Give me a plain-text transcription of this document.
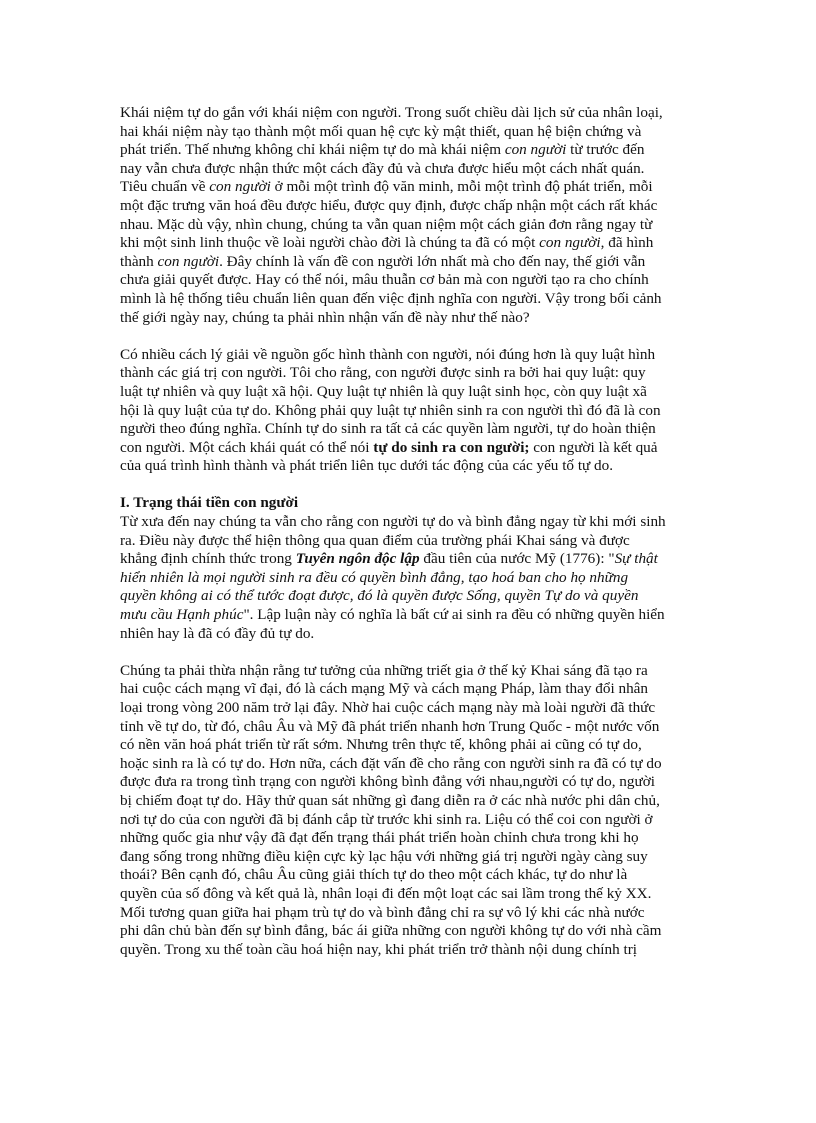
Khái niệm tự do gắn với khái niệm con người. Trong suốt chiều dài lịch sử của nhân loại,
hai khái niệm này tạo thành một mối quan hệ cực kỳ mật thiết, quan hệ biện chứng và
phát triển. Thế nhưng không chỉ khái niệm tự do mà khái niệm con người từ trước đến
nay vẫn chưa được nhận thức một cách đầy đủ và chưa được hiểu một cách nhất quán.
Tiêu chuẩn về con người ở mỗi một trình độ văn minh, mỗi một trình độ phát triển, mỗi
một đặc trưng văn hoá đều được hiểu, được quy định, được chấp nhận một cách rất khác
nhau. Mặc dù vậy, nhìn chung, chúng ta vẫn quan niệm một cách giản đơn rằng ngay từ
khi một sinh linh thuộc về loài người chào đời là chúng ta đã có một con người, đã hình
thành con người. Đây chính là vấn đề con người lớn nhất mà cho đến nay, thế giới vẫn
chưa giải quyết được. Hay có thể nói, mâu thuẫn cơ bản mà con người tạo ra cho chính
mình là hệ thống tiêu chuẩn liên quan đến việc định nghĩa con người. Vậy trong bối cảnh
thế giới ngày nay, chúng ta phải nhìn nhận vấn đề này như thế nào?
Có nhiều cách lý giải về nguồn gốc hình thành con người, nói đúng hơn là quy luật hình
thành các giá trị con người. Tôi cho rằng, con người được sinh ra bởi hai quy luật: quy
luật tự nhiên và quy luật xã hội. Quy luật tự nhiên là quy luật sinh học, còn quy luật xã
hội là quy luật của tự do. Không phải quy luật tự nhiên sinh ra con người thì đó đã là con
người theo đúng nghĩa. Chính tự do sinh ra tất cả các quyền làm người, tự do hoàn thiện
con người. Một cách khái quát có thể nói tự do sinh ra con người; con người là kết quả
của quá trình hình thành và phát triển liên tục dưới tác động của các yếu tố tự do.
I. Trạng thái tiền con người
Từ xưa đến nay chúng ta vẫn cho rằng con người tự do và bình đẳng ngay từ khi mới sinh
ra. Điều này được thể hiện thông qua quan điểm của trường phái Khai sáng và được
khẳng định chính thức trong Tuyên ngôn độc lập đầu tiên của nước Mỹ (1776): "Sự thật
hiển nhiên là mọi người sinh ra đều có quyền bình đẳng, tạo hoá ban cho họ những
quyền không ai có thể tước đoạt được, đó là quyền được Sống, quyền Tự do và quyền
mưu cầu Hạnh phúc". Lập luận này có nghĩa là bất cứ ai sinh ra đều có những quyền hiển
nhiên hay là đã có đầy đủ tự do.
Chúng ta phải thừa nhận rằng tư tưởng của những triết gia ở thế kỷ Khai sáng đã tạo ra
hai cuộc cách mạng vĩ đại, đó là cách mạng Mỹ và cách mạng Pháp, làm thay đổi nhân
loại trong vòng 200 năm trở lại đây. Nhờ hai cuộc cách mạng này mà loài người đã thức
tỉnh về tự do, từ đó, châu Âu và Mỹ đã phát triển nhanh hơn Trung Quốc - một nước vốn
có nền văn hoá phát triển từ rất sớm. Nhưng trên thực tế, không phải ai cũng có tự do,
hoặc sinh ra là có tự do. Hơn nữa, cách đặt vấn đề cho rằng con người sinh ra đã có tự do
được đưa ra trong tình trạng con người không bình đẳng với nhau,người có tự do, người
bị chiếm đoạt tự do. Hãy thử quan sát những gì đang diễn ra ở các nhà nước phi dân chủ,
nơi tự do của con người đã bị đánh cắp từ trước khi sinh ra. Liệu có thể coi con người ở
những quốc gia như vậy đã đạt đến trạng thái phát triển hoàn chỉnh chưa trong khi họ
đang sống trong những điều kiện cực kỳ lạc hậu với những giá trị người ngày càng suy
thoái? Bên cạnh đó, châu Âu cũng giải thích tự do theo một cách khác, tự do như là
quyền của số đông và kết quả là, nhân loại đi đến một loạt các sai lầm trong thế kỷ XX.
Mối tương quan giữa hai phạm trù tự do và bình đẳng chỉ ra sự vô lý khi các nhà nước
phi dân chủ bàn đến sự bình đẳng, bác ái giữa những con người không tự do với nhà cầm
quyền. Trong xu thế toàn cầu hoá hiện nay, khi phát triển trở thành nội dung chính trị
